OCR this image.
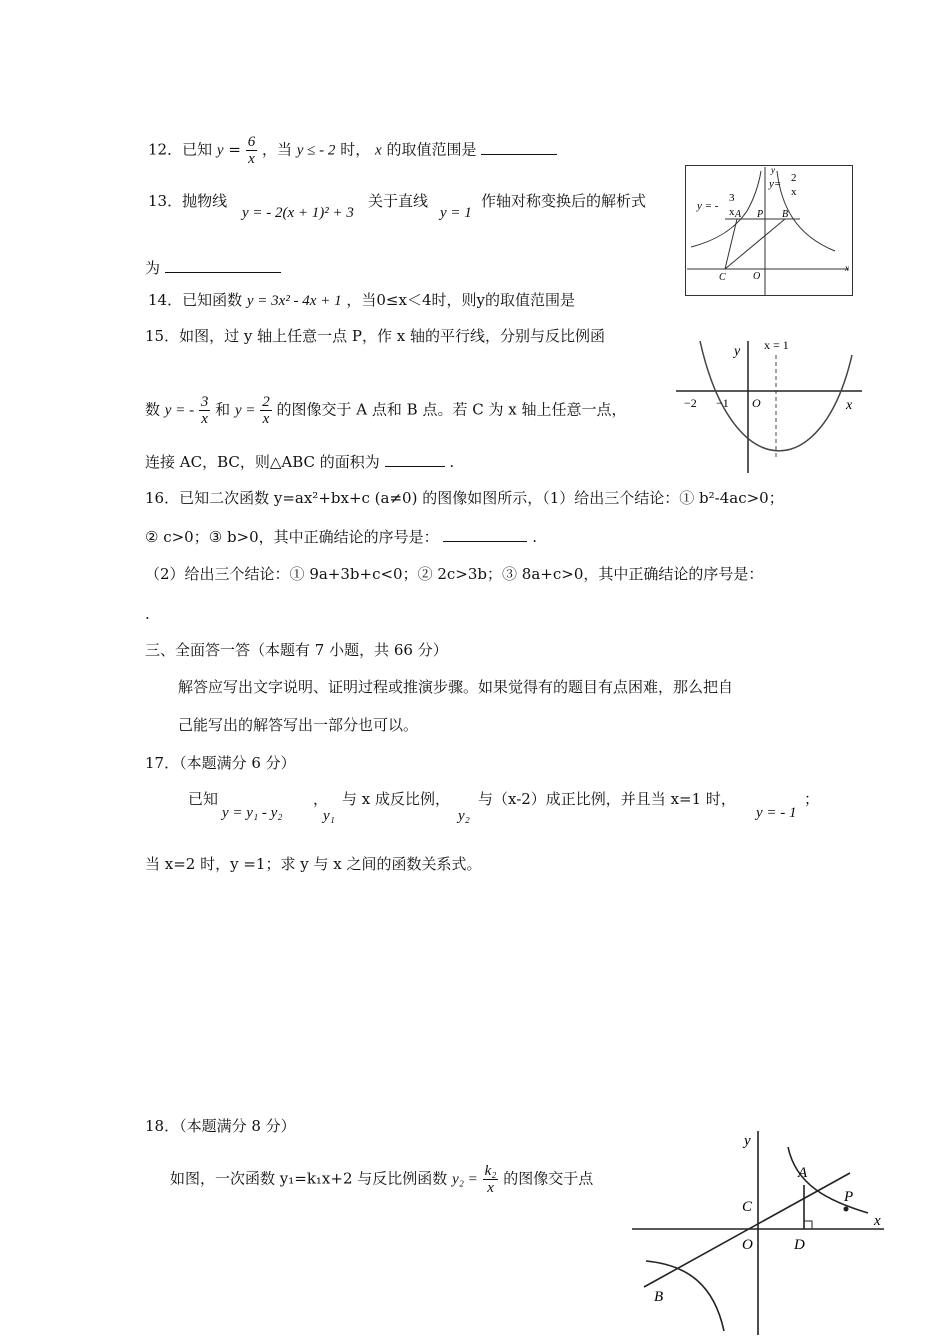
12．已知 $y = \frac{6}{x}$ ，当 y ≤ - 2 时， x 的取值范围是
13．抛物线
y = - 2(x + 1)² + 3
关于直线
y = 1
作轴对称变换后的解析式
为
14．已知函数 y = 3x² - 4x + 1 ，当0≤x＜4时，则y的取值范围是
15．如图，过 y 轴上任意一点 P，作 x 轴的平行线，分别与反比例函
数 y = - $\frac{3}{x}$ 和 $y = \frac{2}{x}$ 的图像交于 A 点和 B 点。若 C 为 x 轴上任意一点，
连接 AC，BC，则△ABC 的面积为	.
16．已知二次函数 y=ax²+bx+c (a≠0) 的图像如图所示，（1）给出三个结论：① b²-4ac>0；
② c>0；③ b>0，其中正确结论的序号是：	.
（2）给出三个结论：① 9a+3b+c<0；② 2c>3b；③ 8a+c>0，其中正确结论的序号是：
.
三、全面答一答（本题有 7 小题，共 66 分）
解答应写出文字说明、证明过程或推演步骤。如果觉得有的题目有点困难，那么把自
己能写出的解答写出一部分也可以。
17．（本题满分 6 分）
已知
y = y₁ - y₂
，
y₁
与 x 成反比例，
y₂
与（x-2）成正比例，并且当 x=1 时，
y = - 1
；
当 x=2 时，y =1；求 y 与 x 之间的函数关系式。
18．（本题满分 8 分）
如图，一次函数 y₁=k₁x+2 与反比例函数 $y_2 = \frac{\text{k₂}}{x}$ 的图像交于点
y = -
3
x
y= 2
x
A P B
C	O
x
y
y
x
x = 1
−2 −1 O
y
x
A
P
C
O	D
B
